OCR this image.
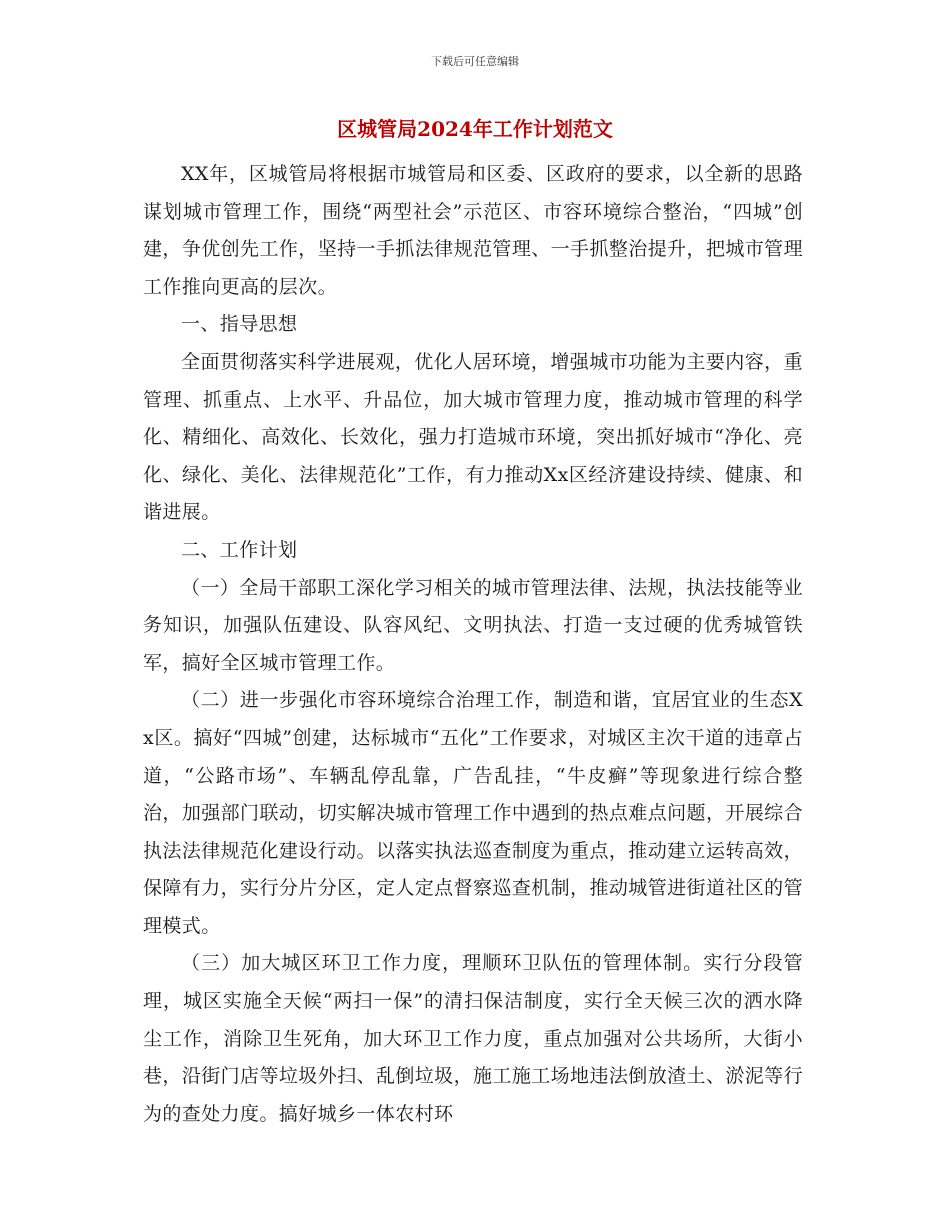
下载后可任意编辑
区城管局2024年工作计划范文

XX年，区城管局将根据市城管局和区委、区政府的要求，以全新的思路谋划城市管理工作，围绕“两型社会”示范区、市容环境综合整治，“四城”创建，争优创先工作，坚持一手抓法律规范管理、一手抓整治提升，把城市管理工作推向更高的层次。

一、指导思想

全面贯彻落实科学进展观，优化人居环境，增强城市功能为主要内容，重管理、抓重点、上水平、升品位，加大城市管理力度，推动城市管理的科学化、精细化、高效化、长效化，强力打造城市环境，突出抓好城市“净化、亮化、绿化、美化、法律规范化”工作，有力推动Xx区经济建设持续、健康、和谐进展。

二、工作计划

（一）全局干部职工深化学习相关的城市管理法律、法规，执法技能等业务知识，加强队伍建设、队容风纪、文明执法、打造一支过硬的优秀城管铁军，搞好全区城市管理工作。

（二）进一步强化市容环境综合治理工作，制造和谐，宜居宜业的生态Xx区。搞好“四城”创建，达标城市“五化”工作要求，对城区主次干道的违章占道，“公路市场”、车辆乱停乱靠，广告乱挂，“牛皮癣”等现象进行综合整治，加强部门联动，切实解决城市管理工作中遇到的热点难点问题，开展综合执法法律规范化建设行动。以落实执法巡查制度为重点，推动建立运转高效，保障有力，实行分片分区，定人定点督察巡查机制，推动城管进街道社区的管理模式。

（三）加大城区环卫工作力度，理顺环卫队伍的管理体制。实行分段管理，城区实施全天候“两扫一保”的清扫保洁制度，实行全天候三次的洒水降尘工作，消除卫生死角，加大环卫工作力度，重点加强对公共场所，大街小巷，沿街门店等垃圾外扫、乱倒垃圾，施工施工场地违法倒放渣土、淤泥等行为的查处力度。搞好城乡一体农村环
